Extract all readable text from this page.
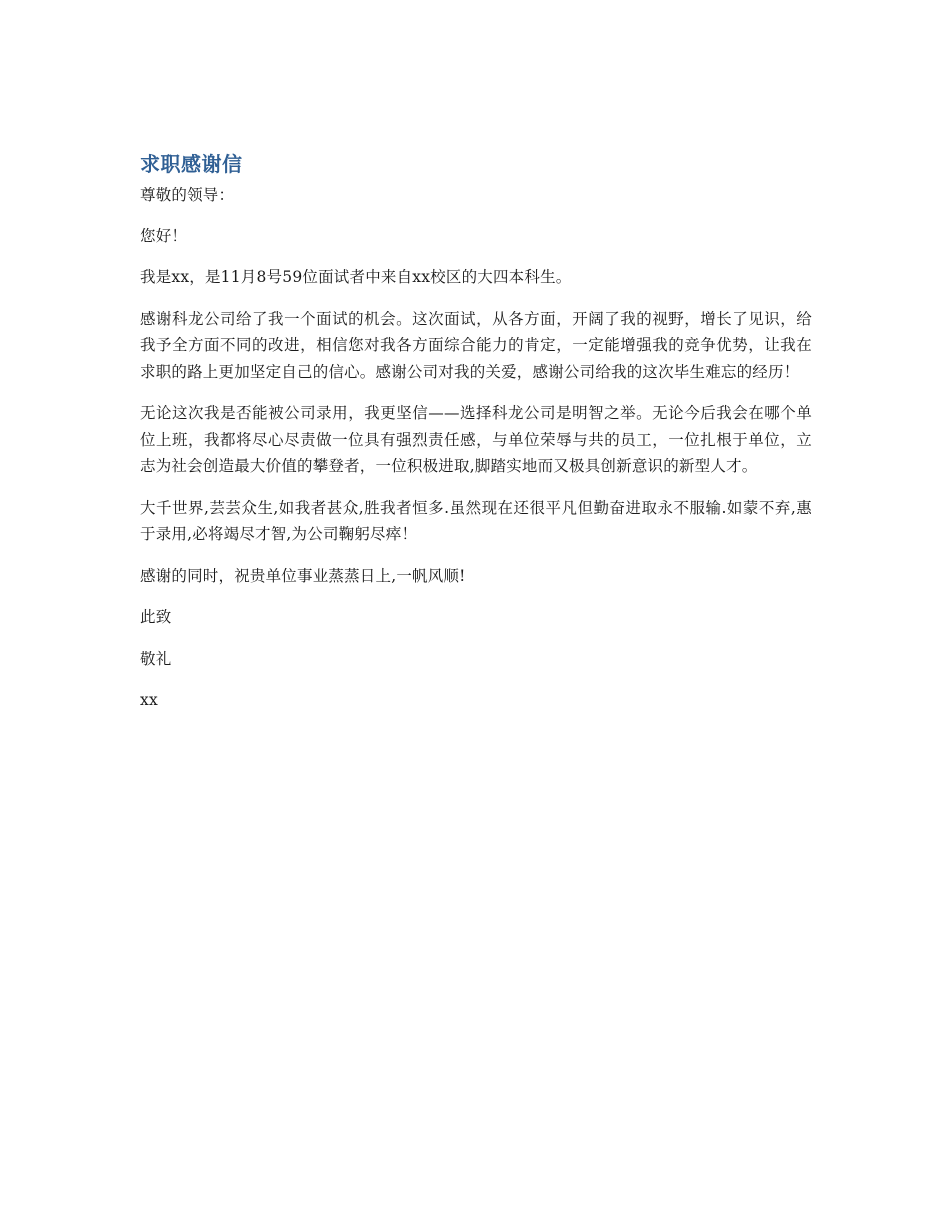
求职感谢信

尊敬的领导：

您好！

我是xx，是11月8号59位面试者中来自xx校区的大四本科生。

感谢科龙公司给了我一个面试的机会。这次面试，从各方面，开阔了我的视野，增长了见识，给我予全方面不同的改进，相信您对我各方面综合能力的肯定，一定能增强我的竞争优势，让我在求职的路上更加坚定自己的信心。感谢公司对我的关爱，感谢公司给我的这次毕生难忘的经历！

无论这次我是否能被公司录用，我更坚信——选择科龙公司是明智之举。无论今后我会在哪个单位上班，我都将尽心尽责做一位具有强烈责任感，与单位荣辱与共的员工，一位扎根于单位，立志为社会创造最大价值的攀登者，一位积极进取,脚踏实地而又极具创新意识的新型人才。

大千世界,芸芸众生,如我者甚众,胜我者恒多.虽然现在还很平凡但勤奋进取永不服输.如蒙不弃,惠于录用,必将竭尽才智,为公司鞠躬尽瘁！

感谢的同时，祝贵单位事业蒸蒸日上,一帆风顺!

此致

敬礼

xx
